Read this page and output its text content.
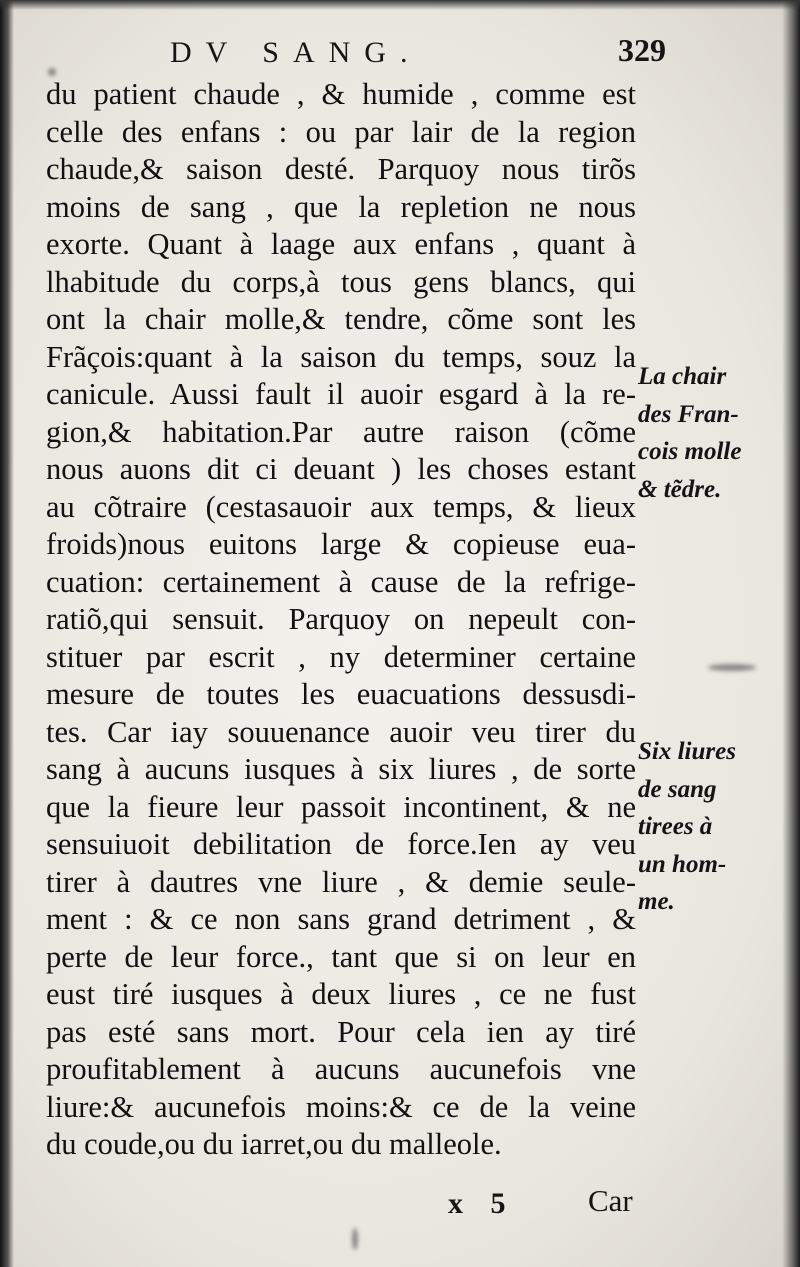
DV SANG.	329
du patient chaude , & humide , comme est
celle des enfans : ou par lair de la region
chaude,& saison desté. Parquoy nous tirõs
moins de sang , que la repletion ne nous
exorte. Quant à laage aux enfans , quant à
lhabitude du corps,à tous gens blancs, qui
ont la chair molle,& tendre, cõme sont les
Frãçois:quant à la saison du temps, souz la
canicule. Aussi fault il auoir esgard à la re-
gion,& habitation.Par autre raison (cõme
nous auons dit ci deuant ) les choses estant
au cõtraire (cestasauoir aux temps, & lieux
froids)nous euitons large & copieuse eua-
cuation: certainement à cause de la refrige-
ratiõ,qui sensuit. Parquoy on nepeult con-
stituer par escrit , ny determiner certaine
mesure de toutes les euacuations dessusdi-
tes. Car iay souuenance auoir veu tirer du
sang à aucuns iusques à six liures , de sorte
que la fieure leur passoit incontinent, & ne
sensuiuoit debilitation de force.Ien ay veu
tirer à dautres vne liure , & demie seule-
ment : & ce non sans grand detriment , &
perte de leur force., tant que si on leur en
eust tiré iusques à deux liures , ce ne fust
pas esté sans mort. Pour cela ien ay tiré
proufitablement à aucuns aucunefois vne
liure:& aucunefois moins:& ce de la veine
du coude,ou du iarret,ou du malleole.
La chair
des Fran-
cois molle
& tẽdre.
Six liures
de sang
tirees à
un hom-
me.
x 5 Car
